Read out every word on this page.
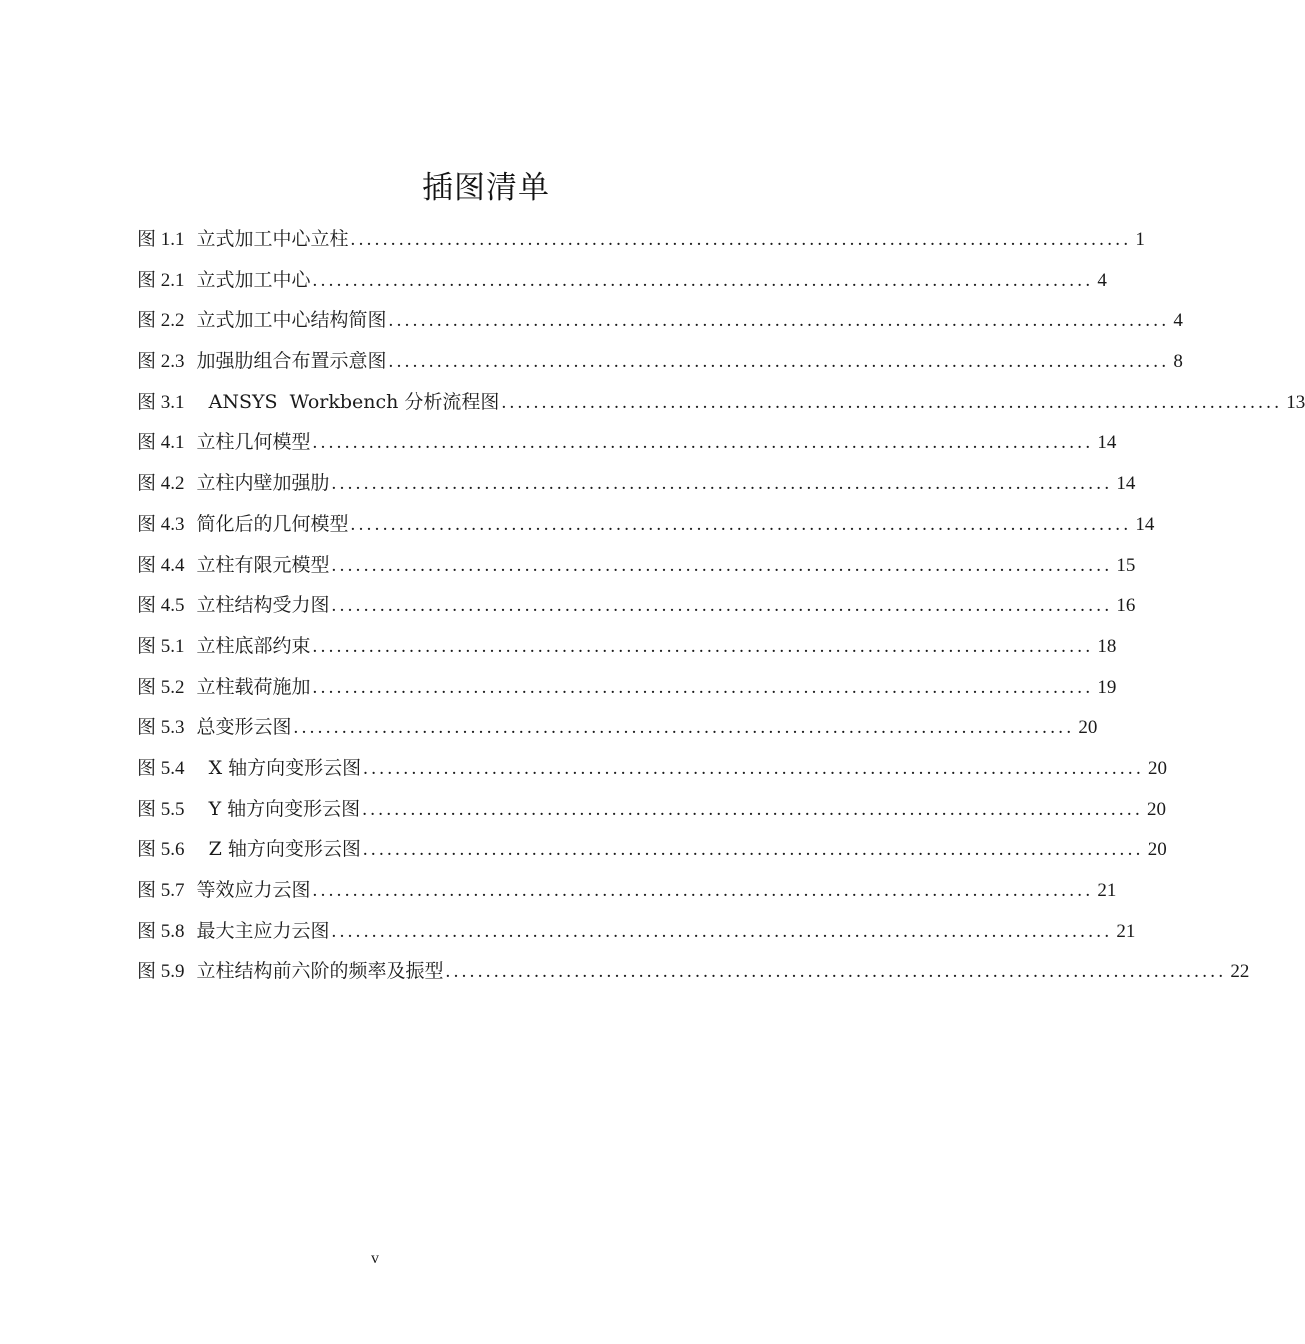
插图清单
图 1.1 立式加工中心立柱 ................................................................................................. 1
图 2.1 立式加工中心 ................................................................................................. 4
图 2.2 立式加工中心结构简图 ................................................................................................. 4
图 2.3 加强肋组合布置示意图 ................................................................................................. 8
图 3.1 ANSYS  Workbench 分析流程图 ................................................................................................. 13
图 4.1 立柱几何模型 ................................................................................................. 14
图 4.2 立柱内壁加强肋 ................................................................................................. 14
图 4.3 简化后的几何模型 ................................................................................................. 14
图 4.4 立柱有限元模型 ................................................................................................. 15
图 4.5 立柱结构受力图 ................................................................................................. 16
图 5.1 立柱底部约束 ................................................................................................. 18
图 5.2 立柱载荷施加 ................................................................................................. 19
图 5.3 总变形云图 ................................................................................................. 20
图 5.4 X 轴方向变形云图 ................................................................................................. 20
图 5.5 Y 轴方向变形云图 ................................................................................................. 20
图 5.6 Z 轴方向变形云图 ................................................................................................. 20
图 5.7 等效应力云图 ................................................................................................. 21
图 5.8 最大主应力云图 ................................................................................................. 21
图 5.9 立柱结构前六阶的频率及振型 ................................................................................................. 22
v
